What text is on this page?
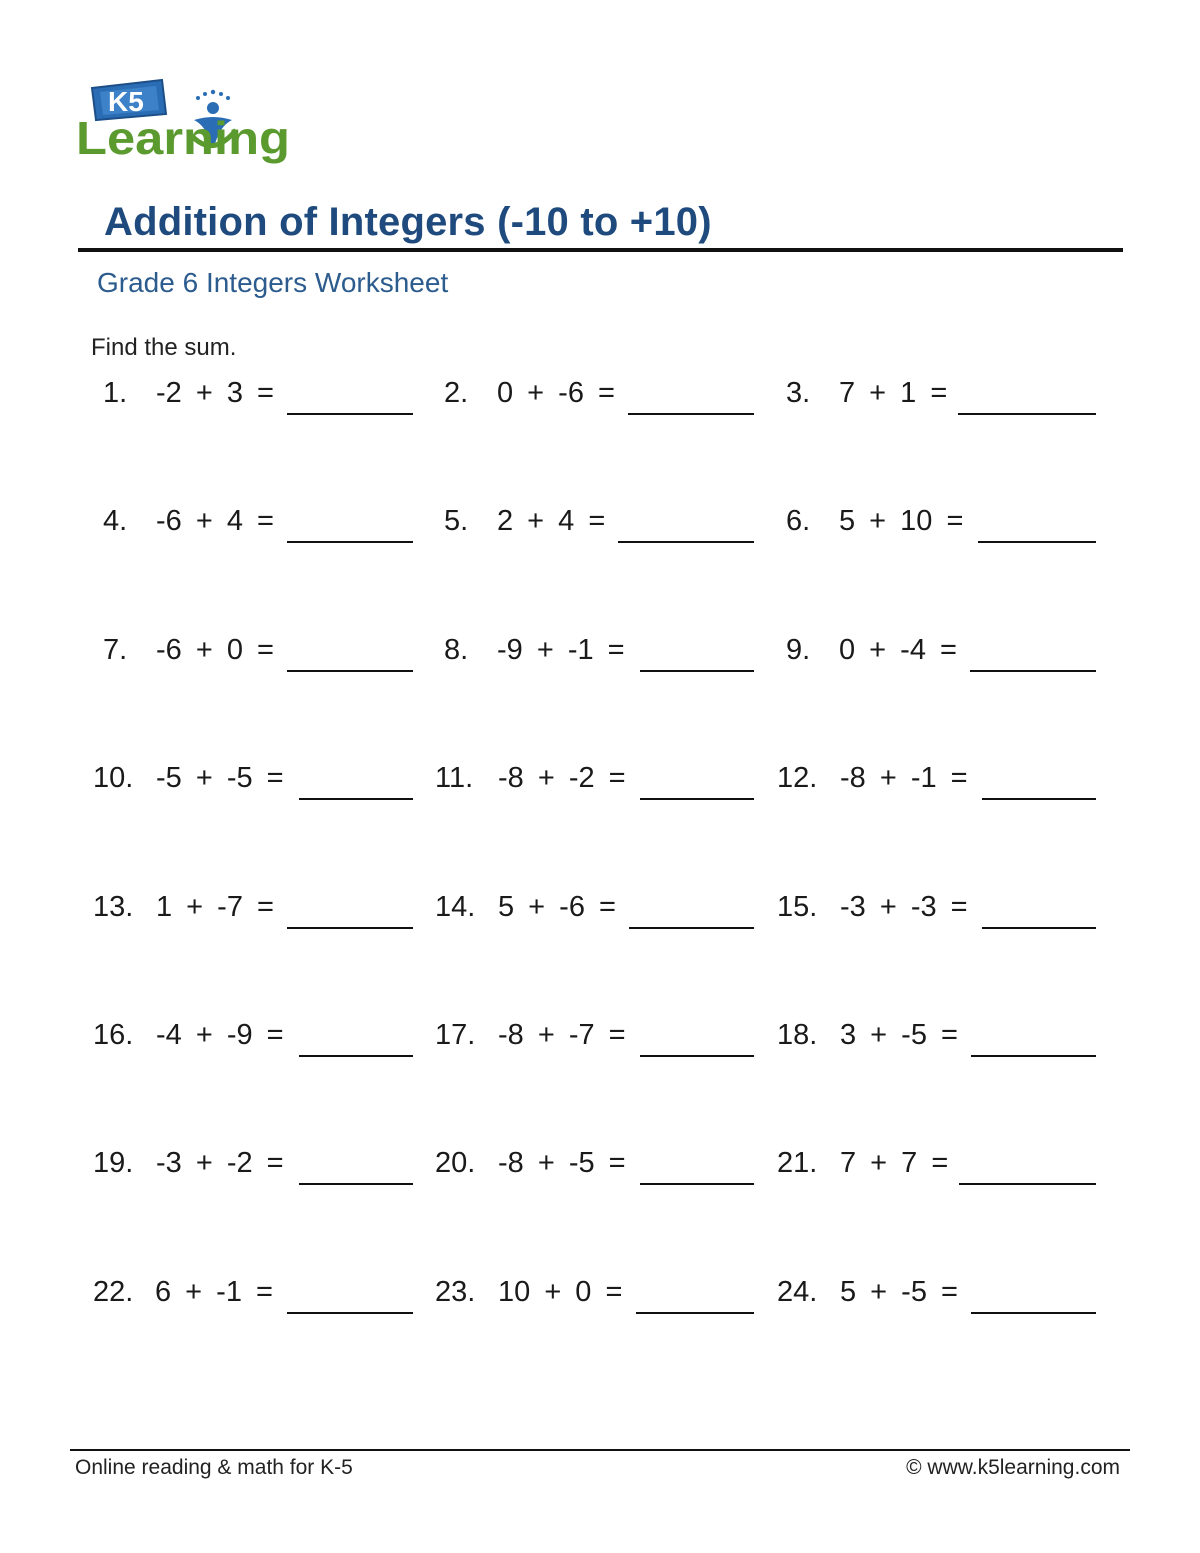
K5
Learning
Addition of Integers (-10 to +10)
Grade 6 Integers Worksheet
Find the sum.
1. -2 + 3 =	2. 0 + -6 =	3. 7 + 1 =
4. -6 + 4 =	5. 2 + 4 =	6. 5 + 10 =
7. -6 + 0 =	8. -9 + -1 =	9. 0 + -4 =
10. -5 + -5 =	11. -8 + -2 =	12. -8 + -1 =
13. 1 + -7 =	14. 5 + -6 =	15. -3 + -3 =
16. -4 + -9 =	17. -8 + -7 =	18. 3 + -5 =
19. -3 + -2 =	20. -8 + -5 =	21. 7 + 7 =
22. 6 + -1 =	23. 10 + 0 =	24. 5 + -5 =
Online reading & math for K-5	© www.k5learning.com
